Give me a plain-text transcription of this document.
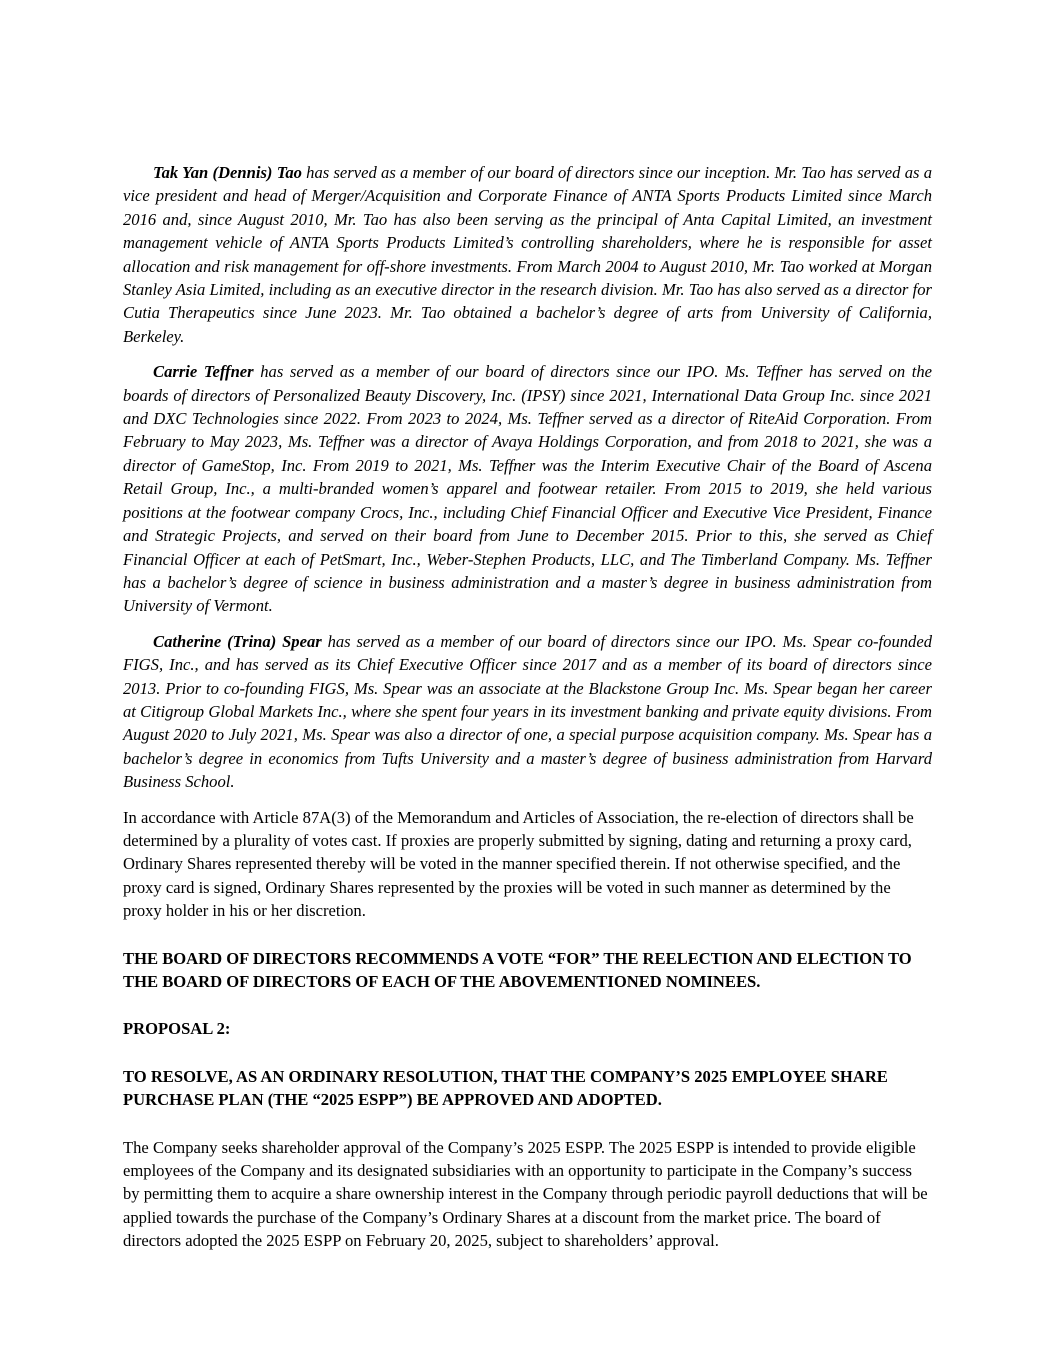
Tak Yan (Dennis) Tao has served as a member of our board of directors since our inception. Mr. Tao has served as a vice president and head of Merger/Acquisition and Corporate Finance of ANTA Sports Products Limited since March 2016 and, since August 2010, Mr. Tao has also been serving as the principal of Anta Capital Limited, an investment management vehicle of ANTA Sports Products Limited’s controlling shareholders, where he is responsible for asset allocation and risk management for off-shore investments. From March 2004 to August 2010, Mr. Tao worked at Morgan Stanley Asia Limited, including as an executive director in the research division. Mr. Tao has also served as a director for Cutia Therapeutics since June 2023. Mr. Tao obtained a bachelor’s degree of arts from University of California, Berkeley.

Carrie Teffner has served as a member of our board of directors since our IPO. Ms. Teffner has served on the boards of directors of Personalized Beauty Discovery, Inc. (IPSY) since 2021, International Data Group Inc. since 2021 and DXC Technologies since 2022. From 2023 to 2024, Ms. Teffner served as a director of RiteAid Corporation. From February to May 2023, Ms. Teffner was a director of Avaya Holdings Corporation, and from 2018 to 2021, she was a director of GameStop, Inc. From 2019 to 2021, Ms. Teffner was the Interim Executive Chair of the Board of Ascena Retail Group, Inc., a multi-branded women’s apparel and footwear retailer. From 2015 to 2019, she held various positions at the footwear company Crocs, Inc., including Chief Financial Officer and Executive Vice President, Finance and Strategic Projects, and served on their board from June to December 2015. Prior to this, she served as Chief Financial Officer at each of PetSmart, Inc., Weber-Stephen Products, LLC, and The Timberland Company. Ms. Teffner has a bachelor’s degree of science in business administration and a master’s degree in business administration from University of Vermont.

Catherine (Trina) Spear has served as a member of our board of directors since our IPO. Ms. Spear co-founded FIGS, Inc., and has served as its Chief Executive Officer since 2017 and as a member of its board of directors since 2013. Prior to co-founding FIGS, Ms. Spear was an associate at the Blackstone Group Inc. Ms. Spear began her career at Citigroup Global Markets Inc., where she spent four years in its investment banking and private equity divisions. From August 2020 to July 2021, Ms. Spear was also a director of one, a special purpose acquisition company. Ms. Spear has a bachelor’s degree in economics from Tufts University and a master’s degree of business administration from Harvard Business School.

In accordance with Article 87A(3) of the Memorandum and Articles of Association, the re-election of directors shall be determined by a plurality of votes cast. If proxies are properly submitted by signing, dating and returning a proxy card, Ordinary Shares represented thereby will be voted in the manner specified therein. If not otherwise specified, and the proxy card is signed, Ordinary Shares represented by the proxies will be voted in such manner as determined by the proxy holder in his or her discretion.

THE BOARD OF DIRECTORS RECOMMENDS A VOTE “FOR” THE REELECTION AND ELECTION TO THE BOARD OF DIRECTORS OF EACH OF THE ABOVEMENTIONED NOMINEES.

PROPOSAL 2:

TO RESOLVE, AS AN ORDINARY RESOLUTION, THAT THE COMPANY’S 2025 EMPLOYEE SHARE PURCHASE PLAN (THE “2025 ESPP”) BE APPROVED AND ADOPTED.

The Company seeks shareholder approval of the Company’s 2025 ESPP. The 2025 ESPP is intended to provide eligible employees of the Company and its designated subsidiaries with an opportunity to participate in the Company’s success by permitting them to acquire a share ownership interest in the Company through periodic payroll deductions that will be applied towards the purchase of the Company’s Ordinary Shares at a discount from the market price. The board of directors adopted the 2025 ESPP on February 20, 2025, subject to shareholders’ approval.
